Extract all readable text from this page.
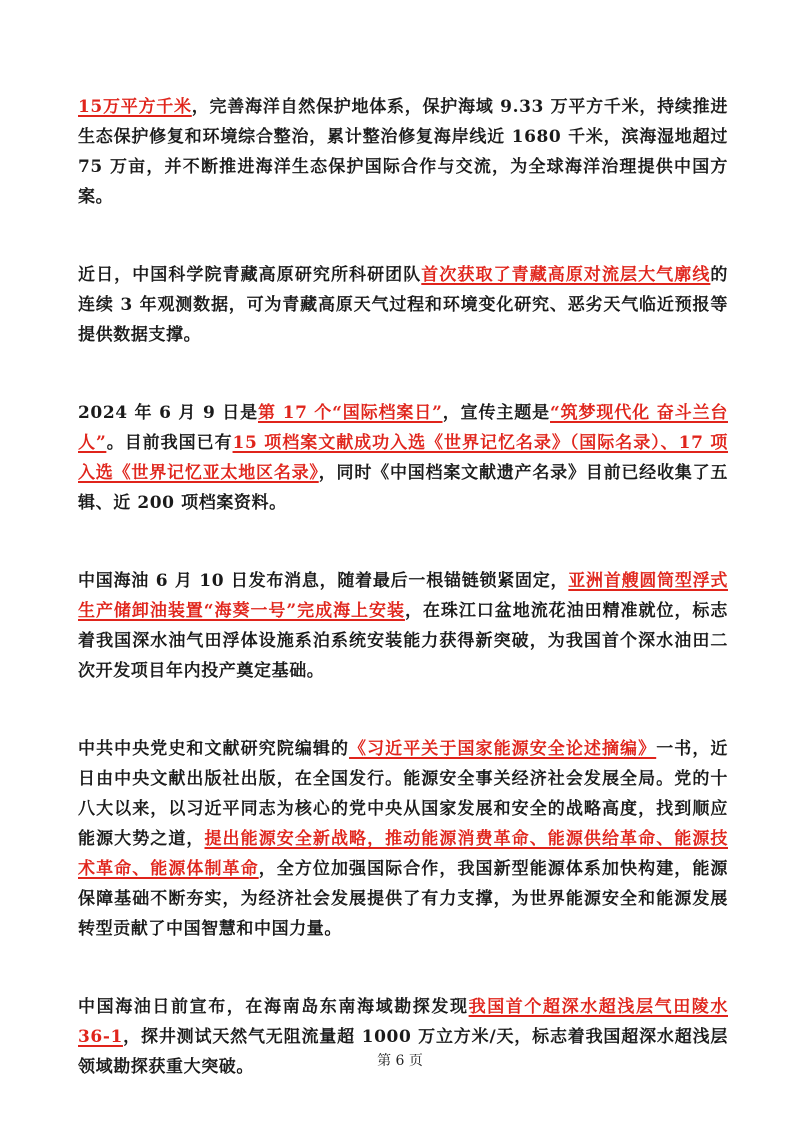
15万平方千米，完善海洋自然保护地体系，保护海域 9.33 万平方千米，持续推进生态保护修复和环境综合整治，累计整治修复海岸线近 1680 千米，滨海湿地超过 75 万亩，并不断推进海洋生态保护国际合作与交流，为全球海洋治理提供中国方案。

近日，中国科学院青藏高原研究所科研团队首次获取了青藏高原对流层大气廓线的连续 3 年观测数据，可为青藏高原天气过程和环境变化研究、恶劣天气临近预报等提供数据支撑。

2024 年 6 月 9 日是第 17 个“国际档案日”，宣传主题是“筑梦现代化 奋斗兰台人”。目前我国已有15 项档案文献成功入选《世界记忆名录》（国际名录）、17 项入选《世界记忆亚太地区名录》，同时《中国档案文献遗产名录》目前已经收集了五辑、近 200 项档案资料。

中国海油 6 月 10 日发布消息，随着最后一根锚链锁紧固定，亚洲首艘圆筒型浮式生产储卸油装置“海葵一号”完成海上安装，在珠江口盆地流花油田精准就位，标志着我国深水油气田浮体设施系泊系统安装能力获得新突破，为我国首个深水油田二次开发项目年内投产奠定基础。

中共中央党史和文献研究院编辑的《习近平关于国家能源安全论述摘编》一书，近日由中央文献出版社出版，在全国发行。能源安全事关经济社会发展全局。党的十八大以来，以习近平同志为核心的党中央从国家发展和安全的战略高度，找到顺应能源大势之道，提出能源安全新战略，推动能源消费革命、能源供给革命、能源技术革命、能源体制革命，全方位加强国际合作，我国新型能源体系加快构建，能源保障基础不断夯实，为经济社会发展提供了有力支撑，为世界能源安全和能源发展转型贡献了中国智慧和中国力量。

中国海油日前宣布，在海南岛东南海域勘探发现我国首个超深水超浅层气田陵水 36-1，探井测试天然气无阻流量超 1000 万立方米/天，标志着我国超深水超浅层领域勘探获重大突破。	第 6 页
